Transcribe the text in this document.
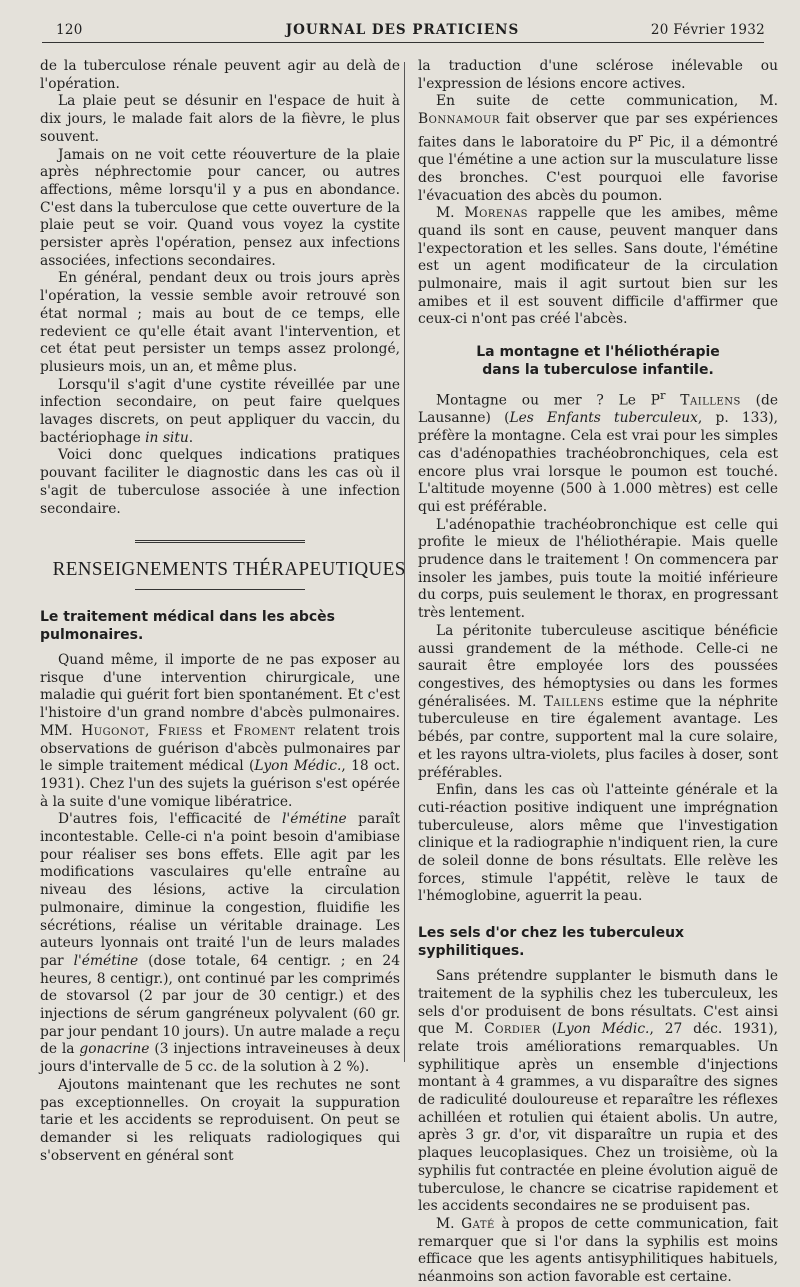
120	JOURNAL DES PRATICIENS	20 Février 1932

de la tuberculose rénale peuvent agir au delà de l'opération.

La plaie peut se désunir en l'espace de huit à dix jours, le malade fait alors de la fièvre, le plus souvent.

Jamais on ne voit cette réouverture de la plaie après néphrectomie pour cancer, ou autres affections, même lorsqu'il y a pus en abondance. C'est dans la tuberculose que cette ouverture de la plaie peut se voir. Quand vous voyez la cystite persister après l'opération, pensez aux infections associées, infections secondaires.

En général, pendant deux ou trois jours après l'opération, la vessie semble avoir retrouvé son état normal ; mais au bout de ce temps, elle redevient ce qu'elle était avant l'intervention, et cet état peut persister un temps assez prolongé, plusieurs mois, un an, et même plus.

Lorsqu'il s'agit d'une cystite réveillée par une infection secondaire, on peut faire quelques lavages discrets, on peut appliquer du vaccin, du bactériophage in situ.

Voici donc quelques indications pratiques pouvant faciliter le diagnostic dans les cas où il s'agit de tuberculose associée à une infection secondaire.

RENSEIGNEMENTS THÉRAPEUTIQUES
Le traitement médical dans les abcès pulmonaires.

Quand même, il importe de ne pas exposer au risque d'une intervention chirurgicale, une maladie qui guérit fort bien spontanément. Et c'est l'histoire d'un grand nombre d'abcès pulmonaires. MM. Hugonot, Friess et Froment relatent trois observations de guérison d'abcès pulmonaires par le simple traitement médical (Lyon Médic., 18 oct. 1931). Chez l'un des sujets la guérison s'est opérée à la suite d'une vomique libératrice.

D'autres fois, l'efficacité de l'émétine paraît incontestable. Celle-ci n'a point besoin d'amibiase pour réaliser ses bons effets. Elle agit par les modifications vasculaires qu'elle entraîne au niveau des lésions, active la circulation pulmonaire, diminue la congestion, fluidifie les sécrétions, réalise un véritable drainage. Les auteurs lyonnais ont traité l'un de leurs malades par l'émétine (dose totale, 64 centigr. ; en 24 heures, 8 centigr.), ont continué par les comprimés de stovarsol (2 par jour de 30 centigr.) et des injections de sérum gangréneux polyvalent (60 gr. par jour pendant 10 jours). Un autre malade a reçu de la gonacrine (3 injections intraveineuses à deux jours d'intervalle de 5 cc. de la solution à 2 %).

Ajoutons maintenant que les rechutes ne sont pas exceptionnelles. On croyait la suppuration tarie et les accidents se reproduisent. On peut se demander si les reliquats radiologiques qui s'observent en général sont

la traduction d'une sclérose inélevable ou l'expression de lésions encore actives.

En suite de cette communication, M. Bonnamour fait observer que par ses expériences faites dans le laboratoire du $P^r$ Pic, il a démontré que l'émétine a une action sur la musculature lisse des bronches. C'est pourquoi elle favorise l'évacuation des abcès du poumon.

M. Morenas rappelle que les amibes, même quand ils sont en cause, peuvent manquer dans l'expectoration et les selles. Sans doute, l'émétine est un agent modificateur de la circulation pulmonaire, mais il agit surtout bien sur les amibes et il est souvent difficile d'affirmer que ceux-ci n'ont pas créé l'abcès.

La montagne et l'héliothérapie
dans la tuberculose infantile.

Montagne ou mer ? Le $P^r$ Taillens (de Lausanne) (Les Enfants tuberculeux, p. 133), préfère la montagne. Cela est vrai pour les simples cas d'adénopathies trachéobronchiques, cela est encore plus vrai lorsque le poumon est touché. L'altitude moyenne (500 à 1.000 mètres) est celle qui est préférable.

L'adénopathie trachéobronchique est celle qui profite le mieux de l'héliothérapie. Mais quelle prudence dans le traitement ! On commencera par insoler les jambes, puis toute la moitié inférieure du corps, puis seulement le thorax, en progressant très lentement.

La péritonite tuberculeuse ascitique bénéficie aussi grandement de la méthode. Celle-ci ne saurait être employée lors des poussées congestives, des hémoptysies ou dans les formes généralisées. M. Taillens estime que la néphrite tuberculeuse en tire également avantage. Les bébés, par contre, supportent mal la cure solaire, et les rayons ultra-violets, plus faciles à doser, sont préférables.

Enfin, dans les cas où l'atteinte générale et la cuti-réaction positive indiquent une imprégnation tuberculeuse, alors même que l'investigation clinique et la radiographie n'indiquent rien, la cure de soleil donne de bons résultats. Elle relève les forces, stimule l'appétit, relève le taux de l'hémoglobine, aguerrit la peau.

Les sels d'or chez les tuberculeux syphilitiques.

Sans prétendre supplanter le bismuth dans le traitement de la syphilis chez les tuberculeux, les sels d'or produisent de bons résultats. C'est ainsi que M. Cordier (Lyon Médic., 27 déc. 1931), relate trois améliorations remarquables. Un syphilitique après un ensemble d'injections montant à 4 grammes, a vu disparaître des signes de radiculité douloureuse et reparaître les réflexes achilléen et rotulien qui étaient abolis. Un autre, après 3 gr. d'or, vit disparaître un rupia et des plaques leucoplasiques. Chez un troisième, où la syphilis fut contractée en pleine évolution aiguë de tuberculose, le chancre se cicatrise rapidement et les accidents secondaires ne se produisent pas.

M. Gaté à propos de cette communication, fait remarquer que si l'or dans la syphilis est moins efficace que les agents antisyphilitiques habituels, néanmoins son action favorable est certaine.
